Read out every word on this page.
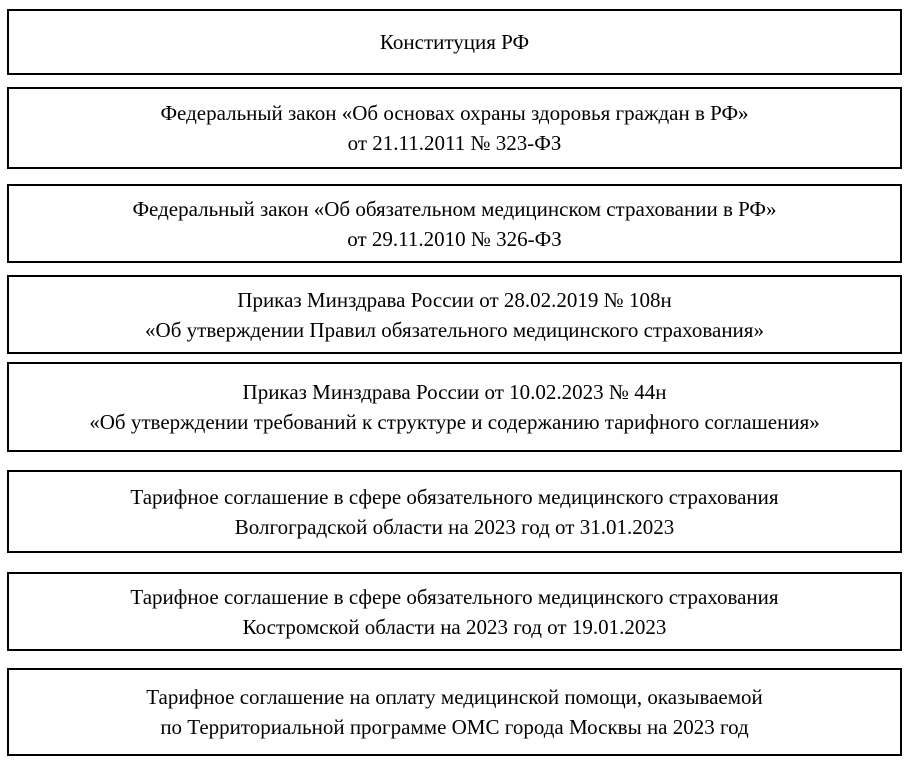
Конституция РФ
Федеральный закон «Об основах охраны здоровья граждан в РФ»
от 21.11.2011 № 323-ФЗ
Федеральный закон «Об обязательном медицинском страховании в РФ»
от 29.11.2010 № 326-ФЗ
Приказ Минздрава России от 28.02.2019 № 108н
«Об утверждении Правил обязательного медицинского страхования»
Приказ Минздрава России от 10.02.2023 № 44н
«Об утверждении требований к структуре и содержанию тарифного соглашения»
Тарифное соглашение в сфере обязательного медицинского страхования
Волгоградской области на 2023 год от 31.01.2023
Тарифное соглашение в сфере обязательного медицинского страхования
Костромской области на 2023 год от 19.01.2023
Тарифное соглашение на оплату медицинской помощи, оказываемой
по Территориальной программе ОМС города Москвы на 2023 год
